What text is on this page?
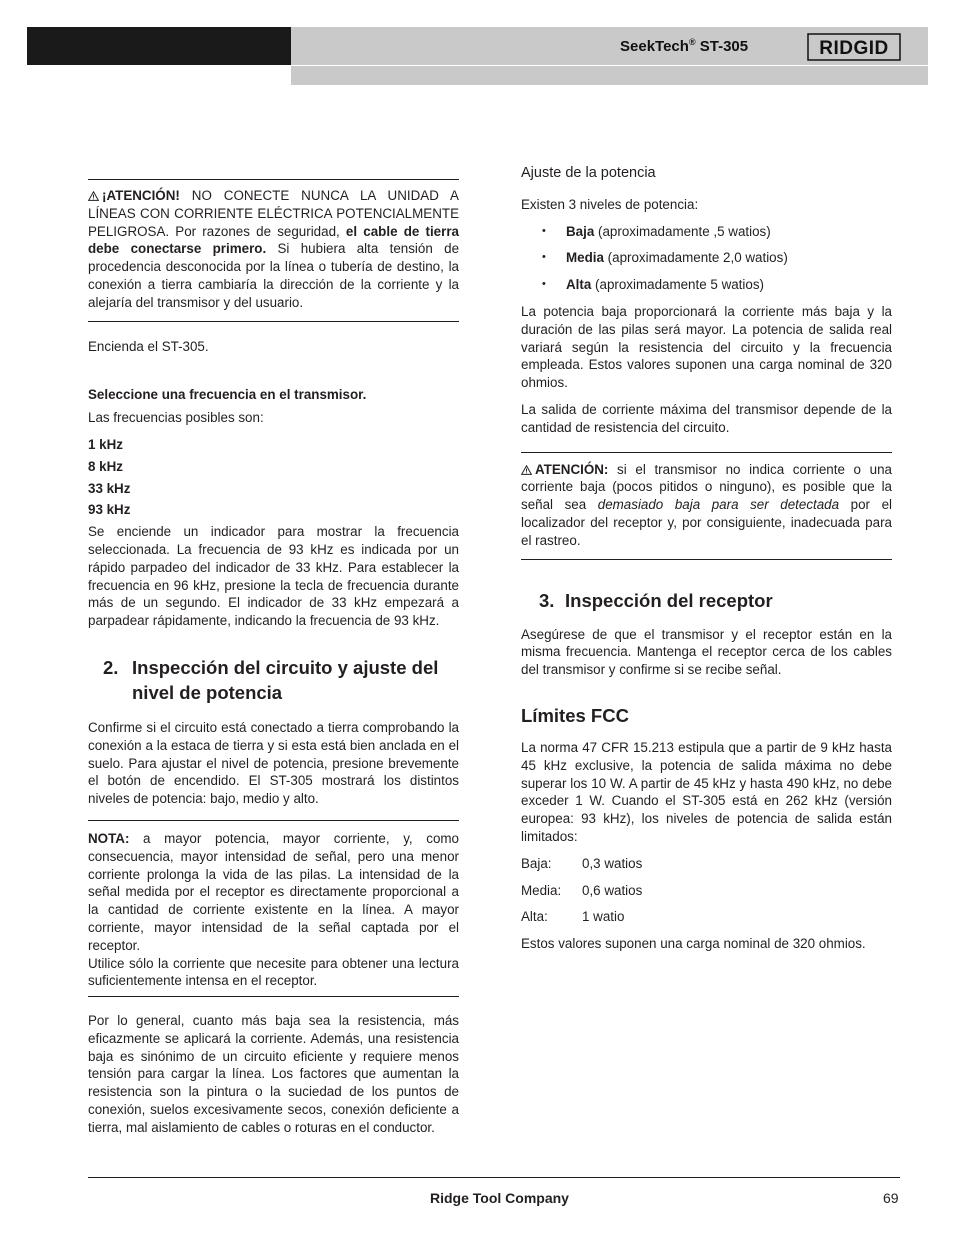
SeekTech® ST-305	RIDGID

¡ATENCIÓN! NO CONECTE NUNCA LA UNIDAD A LÍNEAS CON CORRIENTE ELÉCTRICA POTENCIALMENTE PELIGROSA. Por razones de seguridad, el cable de tierra debe conectarse primero. Si hubiera alta tensión de procedencia desconocida por la línea o tubería de destino, la conexión a tierra cambiaría la dirección de la corriente y la alejaría del transmisor y del usuario.

Encienda el ST-305.

Seleccione una frecuencia en el transmisor.

Las frecuencias posibles son:

1 kHz

8 kHz

33 kHz

93 kHz

Se enciende un indicador para mostrar la frecuencia seleccionada. La frecuencia de 93 kHz es indicada por un rápido parpadeo del indicador de 33 kHz. Para establecer la frecuencia en 96 kHz, presione la tecla de frecuencia durante más de un segundo. El indicador de 33 kHz empezará a parpadear rápidamente, indicando la frecuencia de 93 kHz.

2. Inspección del circuito y ajuste del nivel de potencia

Confirme si el circuito está conectado a tierra comprobando la conexión a la estaca de tierra y si esta está bien anclada en el suelo. Para ajustar el nivel de potencia, presione brevemente el botón de encendido. El ST-305 mostrará los distintos niveles de potencia: bajo, medio y alto.

NOTA: a mayor potencia, mayor corriente, y, como consecuencia, mayor intensidad de señal, pero una menor corriente prolonga la vida de las pilas. La intensidad de la señal medida por el receptor es directamente proporcional a la cantidad de corriente existente en la línea. A mayor corriente, mayor intensidad de la señal captada por el receptor.

Utilice sólo la corriente que necesite para obtener una lectura suficientemente intensa en el receptor.

Por lo general, cuanto más baja sea la resistencia, más eficazmente se aplicará la corriente. Además, una resistencia baja es sinónimo de un circuito eficiente y requiere menos tensión para cargar la línea. Los factores que aumentan la resistencia son la pintura o la suciedad de los puntos de conexión, suelos excesivamente secos, conexión deficiente a tierra, mal aislamiento de cables o roturas en el conductor.

Ajuste de la potencia

Existen 3 niveles de potencia:

• Baja (aproximadamente ,5 watios)
• Media (aproximadamente 2,0 watios)
• Alta (aproximadamente 5 watios)

La potencia baja proporcionará la corriente más baja y la duración de las pilas será mayor. La potencia de salida real variará según la resistencia del circuito y la frecuencia empleada. Estos valores suponen una carga nominal de 320 ohmios.

La salida de corriente máxima del transmisor depende de la cantidad de resistencia del circuito.

ATENCIÓN: si el transmisor no indica corriente o una corriente baja (pocos pitidos o ninguno), es posible que la señal sea demasiado baja para ser detectada por el localizador del receptor y, por consiguiente, inadecuada para el rastreo.

3. Inspección del receptor

Asegúrese de que el transmisor y el receptor están en la misma frecuencia. Mantenga el receptor cerca de los cables del transmisor y confirme si se recibe señal.

Límites FCC

La norma 47 CFR 15.213 estipula que a partir de 9 kHz hasta 45 kHz exclusive, la potencia de salida máxima no debe superar los 10 W. A partir de 45 kHz y hasta 490 kHz, no debe exceder 1 W. Cuando el ST-305 está en 262 kHz (versión europea: 93 kHz), los niveles de potencia de salida están limitados:

Baja:	0,3 watios
Media:	0,6 watios
Alta:	1 watio

Estos valores suponen una carga nominal de 320 ohmios.

Ridge Tool Company	69
